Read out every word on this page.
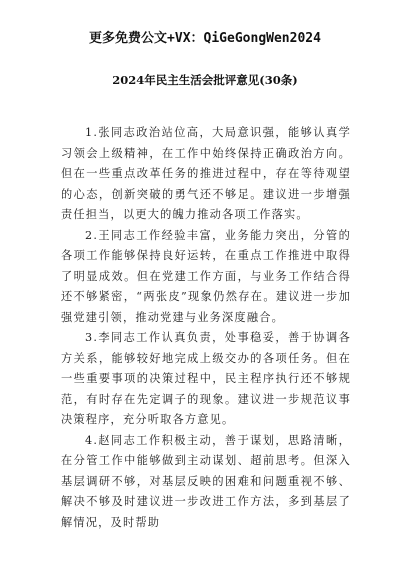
更多免费公文+VX：QiGeGongWen2024
2024年民主生活会批评意见(30条)

1.张同志政治站位高，大局意识强，能够认真学习领会上级精神，在工作中始终保持正确政治方向。但在一些重点改革任务的推进过程中，存在等待观望的心态，创新突破的勇气还不够足。建议进一步增强责任担当，以更大的魄力推动各项工作落实。

2.王同志工作经验丰富，业务能力突出，分管的各项工作能够保持良好运转，在重点工作推进中取得了明显成效。但在党建工作方面，与业务工作结合得还不够紧密，“两张皮”现象仍然存在。建议进一步加强党建引领，推动党建与业务深度融合。

3.李同志工作认真负责，处事稳妥，善于协调各方关系，能够较好地完成上级交办的各项任务。但在一些重要事项的决策过程中，民主程序执行还不够规范，有时存在先定调子的现象。建议进一步规范议事决策程序，充分听取各方意见。

4.赵同志工作积极主动，善于谋划，思路清晰，在分管工作中能够做到主动谋划、超前思考。但深入基层调研不够，对基层反映的困难和问题重视不够、解决不够及时建议进一步改进工作方法，多到基层了解情况，及时帮助
